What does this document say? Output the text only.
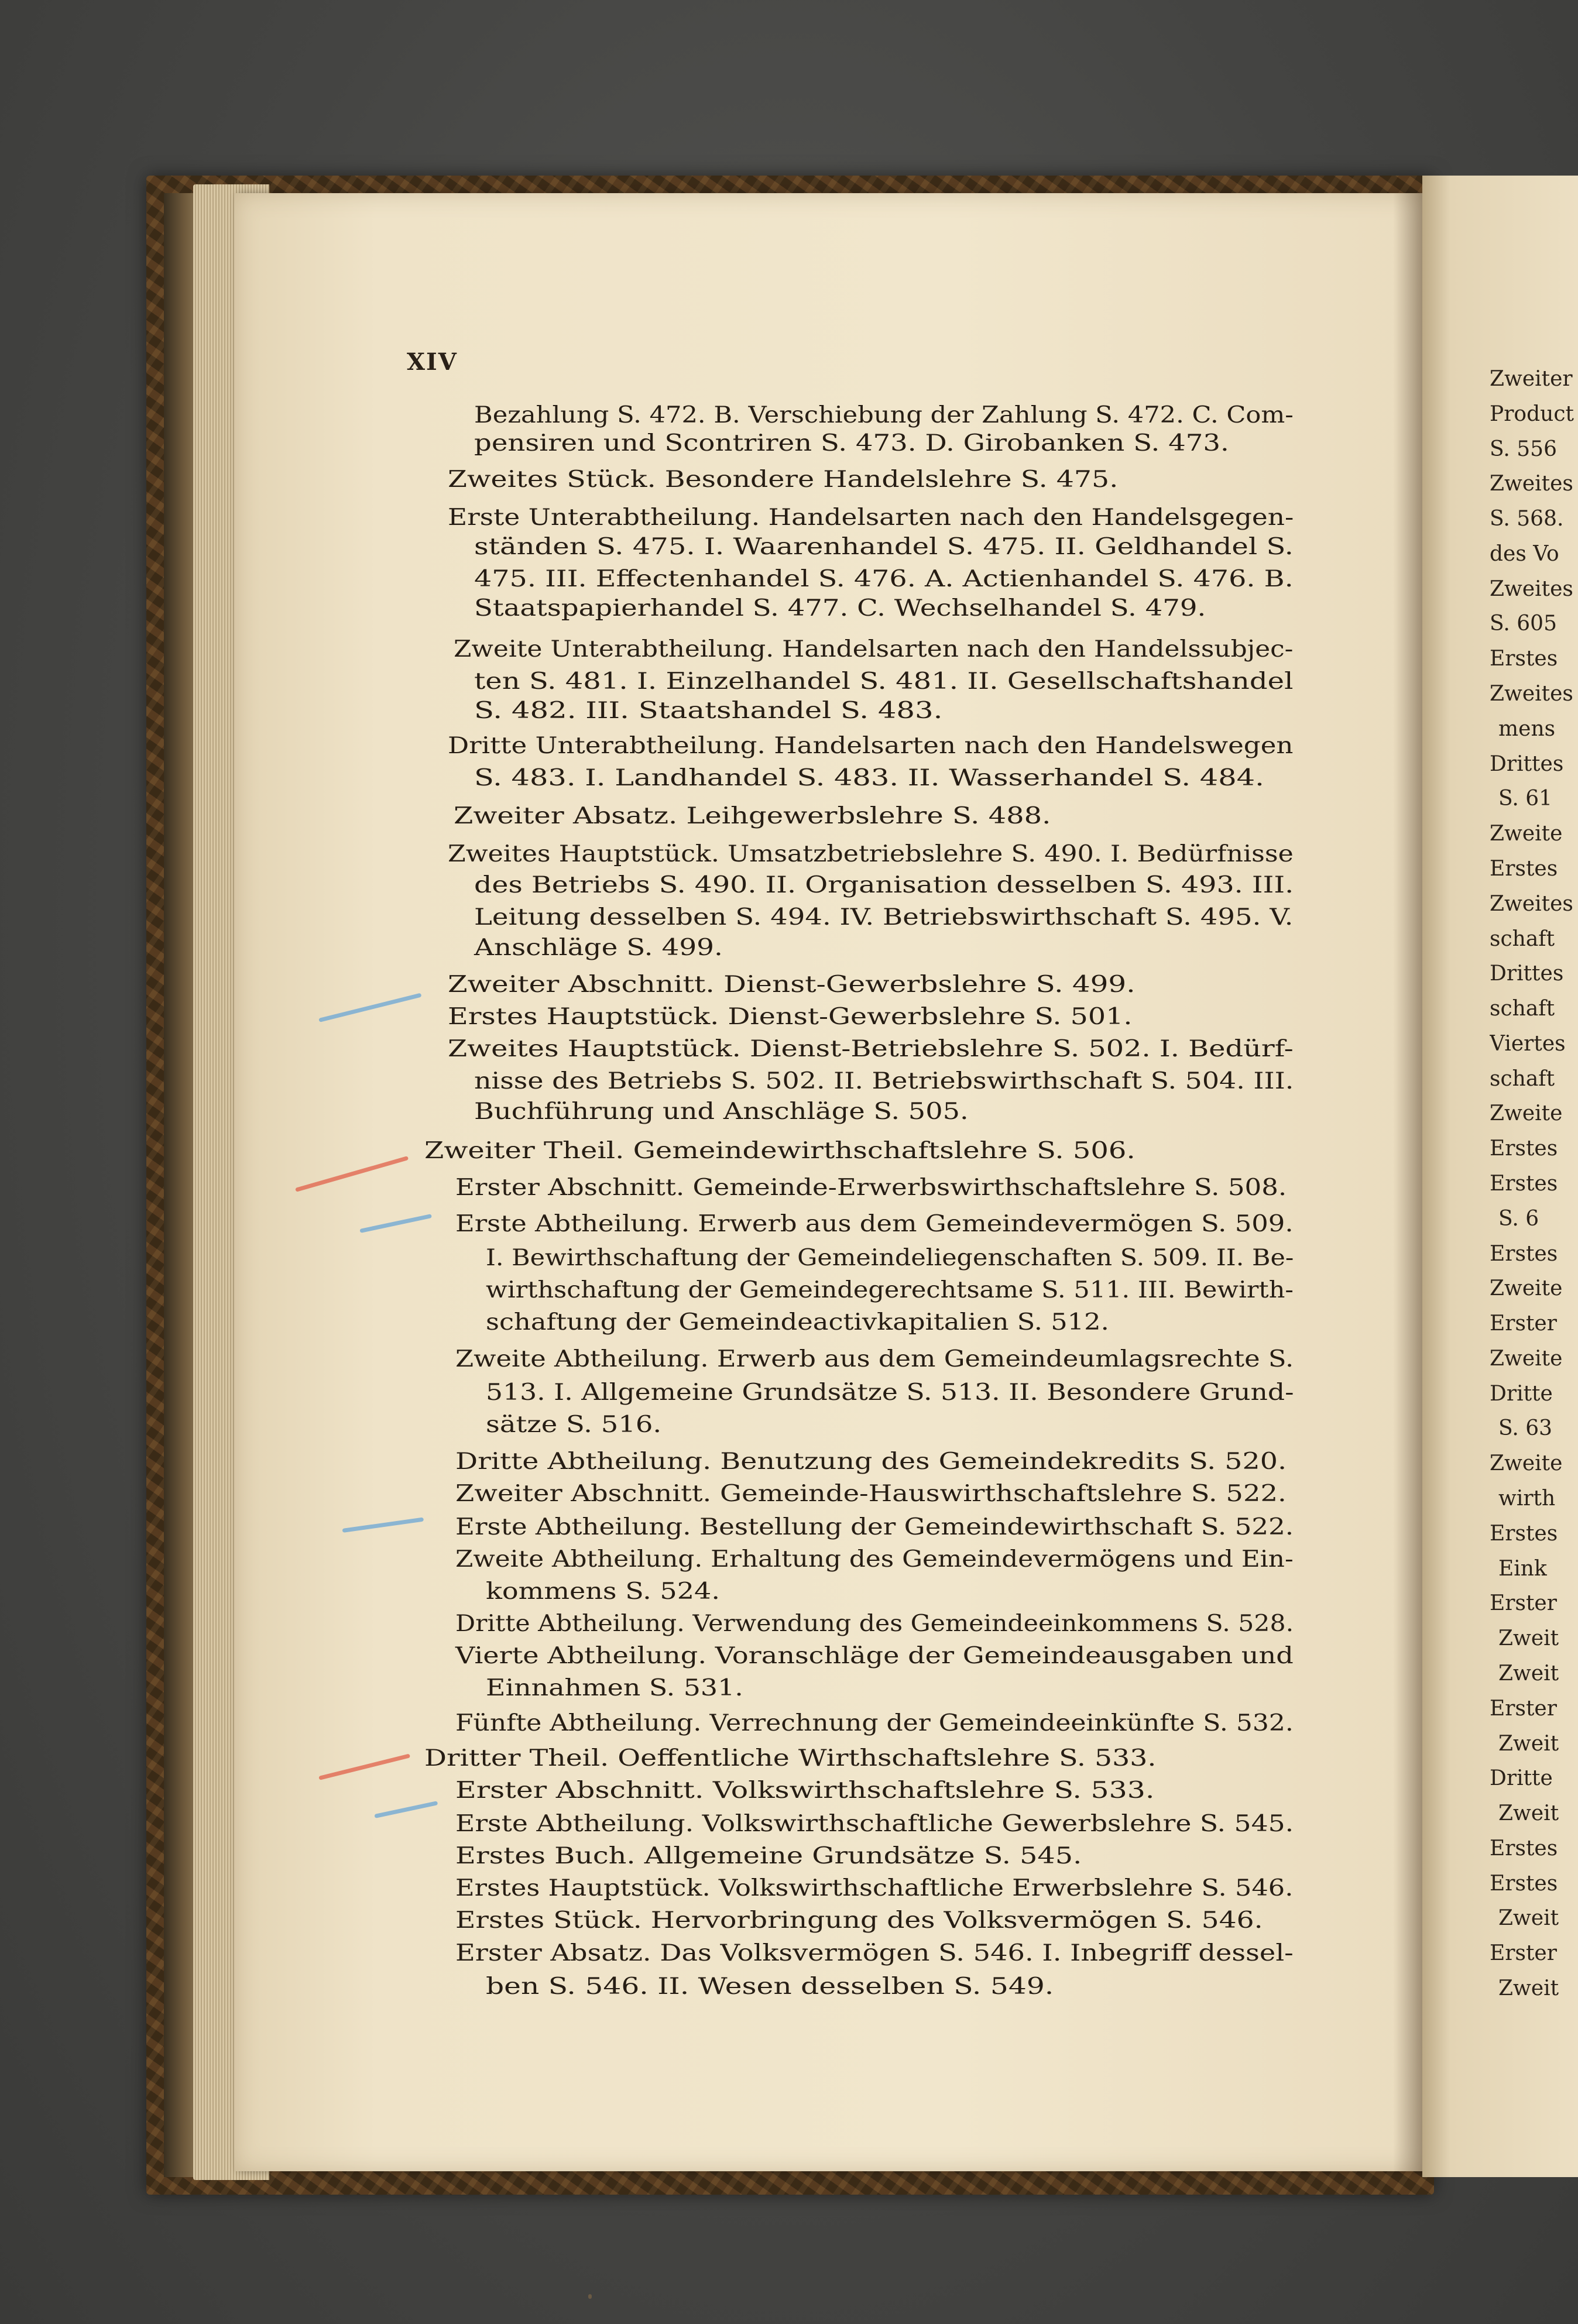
XIV
Bezahlung S. 472. B. Verschiebung der Zahlung S. 472. C. Com-
pensiren und Scontriren S. 473. D. Girobanken S. 473.
Zweites Stück. Besondere Handelslehre S. 475.
Erste Unterabtheilung. Handelsarten nach den Handelsgegen-
ständen S. 475. I. Waarenhandel S. 475. II. Geldhandel S.
475. III. Effectenhandel S. 476. A. Actienhandel S. 476. B.
Staatspapierhandel S. 477. C. Wechselhandel S. 479.
Zweite Unterabtheilung. Handelsarten nach den Handelssubjec-
ten S. 481. I. Einzelhandel S. 481. II. Gesellschaftshandel
S. 482. III. Staatshandel S. 483.
Dritte Unterabtheilung. Handelsarten nach den Handelswegen
S. 483. I. Landhandel S. 483. II. Wasserhandel S. 484.
Zweiter Absatz. Leihgewerbslehre S. 488.
Zweites Hauptstück. Umsatzbetriebslehre S. 490. I. Bedürfnisse
des Betriebs S. 490. II. Organisation desselben S. 493. III.
Leitung desselben S. 494. IV. Betriebswirthschaft S. 495. V.
Anschläge S. 499.
Zweiter Abschnitt. Dienst-Gewerbslehre S. 499.
Erstes Hauptstück. Dienst-Gewerbslehre S. 501.
Zweites Hauptstück. Dienst-Betriebslehre S. 502. I. Bedürf-
nisse des Betriebs S. 502. II. Betriebswirthschaft S. 504. III.
Buchführung und Anschläge S. 505.
Zweiter Theil. Gemeindewirthschaftslehre S. 506.
Erster Abschnitt. Gemeinde-Erwerbswirthschaftslehre S. 508.
Erste Abtheilung. Erwerb aus dem Gemeindevermögen S. 509.
I. Bewirthschaftung der Gemeindeliegenschaften S. 509. II. Be-
wirthschaftung der Gemeindegerechtsame S. 511. III. Bewirth-
schaftung der Gemeindeactivkapitalien S. 512.
Zweite Abtheilung. Erwerb aus dem Gemeindeumlagsrechte S.
513. I. Allgemeine Grundsätze S. 513. II. Besondere Grund-
sätze S. 516.
Dritte Abtheilung. Benutzung des Gemeindekredits S. 520.
Zweiter Abschnitt. Gemeinde-Hauswirthschaftslehre S. 522.
Erste Abtheilung. Bestellung der Gemeindewirthschaft S. 522.
Zweite Abtheilung. Erhaltung des Gemeindevermögens und Ein-
kommens S. 524.
Dritte Abtheilung. Verwendung des Gemeindeeinkommens S. 528.
Vierte Abtheilung. Voranschläge der Gemeindeausgaben und
Einnahmen S. 531.
Fünfte Abtheilung. Verrechnung der Gemeindeeinkünfte S. 532.
Dritter Theil. Oeffentliche Wirthschaftslehre S. 533.
Erster Abschnitt. Volkswirthschaftslehre S. 533.
Erste Abtheilung. Volkswirthschaftliche Gewerbslehre S. 545.
Erstes Buch. Allgemeine Grundsätze S. 545.
Erstes Hauptstück. Volkswirthschaftliche Erwerbslehre S. 546.
Erstes Stück. Hervorbringung des Volksvermögen S. 546.
Erster Absatz. Das Volksvermögen S. 546. I. Inbegriff dessel-
ben S. 546. II. Wesen desselben S. 549.
Zweiter
Product
S. 556
Zweites
S. 568.
des Vo
Zweites
S. 605
Erstes
Zweites
mens
Drittes
S. 61
Zweite
Erstes
Zweites
schaft
Drittes
schaft
Viertes
schaft
Zweite
Erstes
Erstes
S. 6
Erstes
Zweite
Erster
Zweite
Dritte
S. 63
Zweite
wirth
Erstes
Eink
Erster
Zweit
Zweit
Erster
Zweit
Dritte
Zweit
Erstes
Erstes
Zweit
Erster
Zweit
